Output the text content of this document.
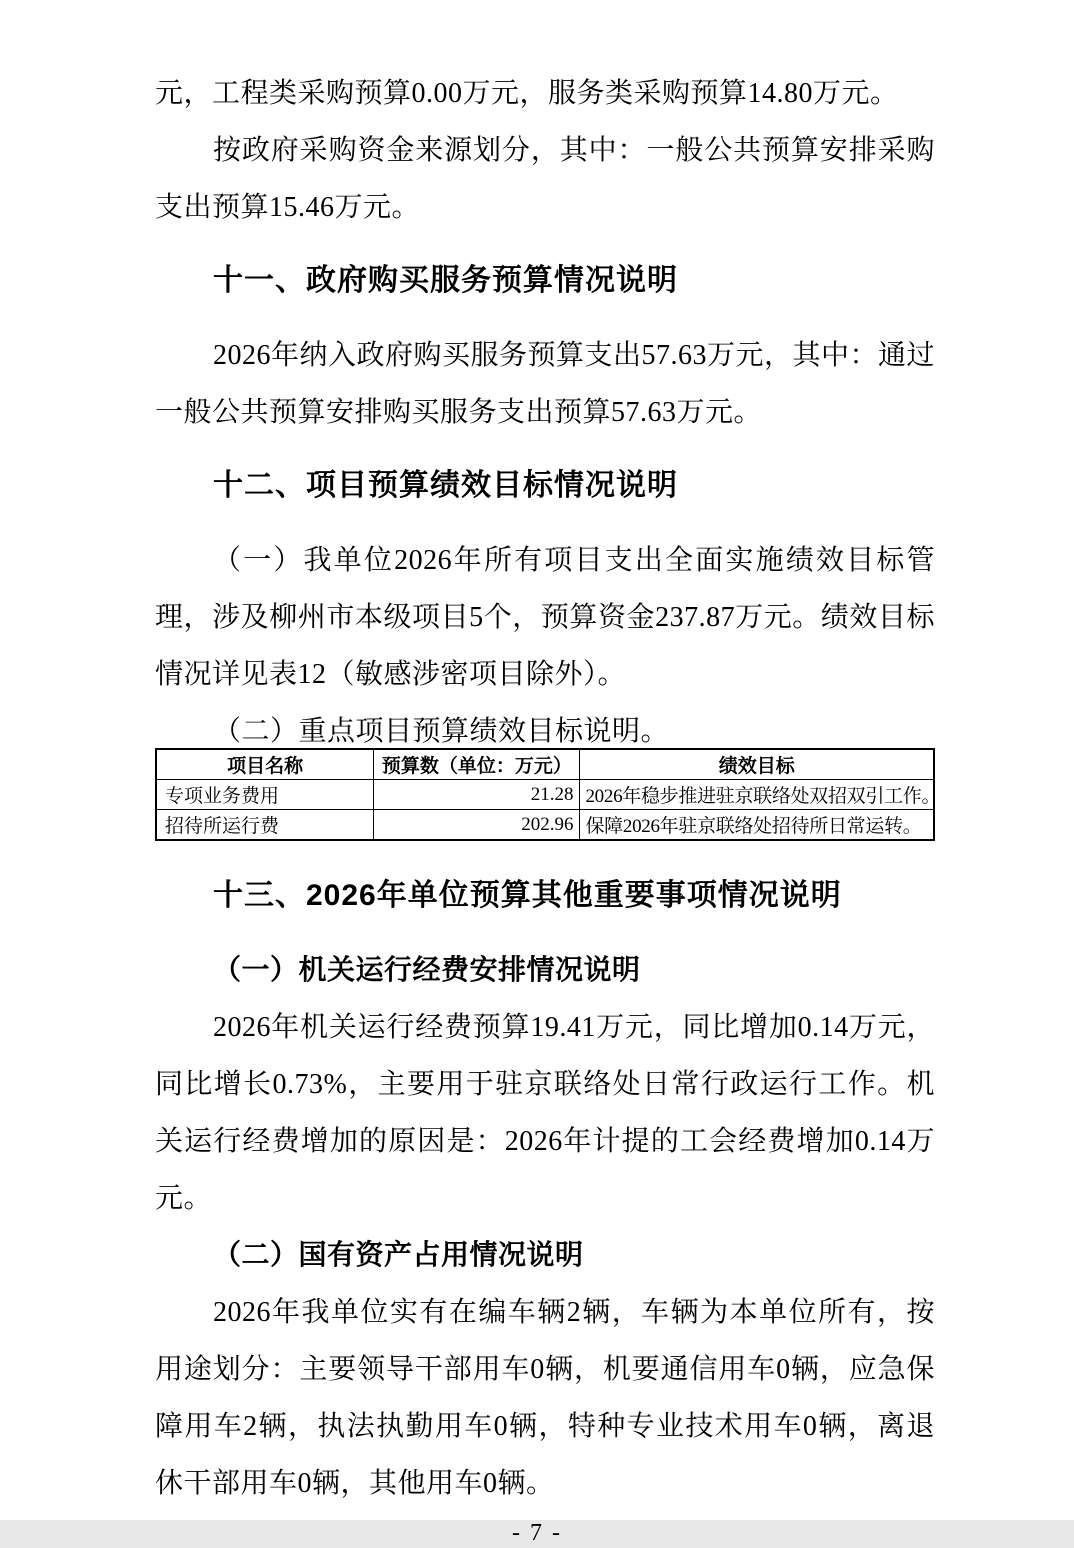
元，工程类采购预算0.00万元，服务类采购预算14.80万元。

按政府采购资金来源划分，其中：一般公共预算安排采购支出预算15.46万元。

十一、政府购买服务预算情况说明

2026年纳入政府购买服务预算支出57.63万元，其中：通过一般公共预算安排购买服务支出预算57.63万元。

十二、项目预算绩效目标情况说明

（一）我单位2026年所有项目支出全面实施绩效目标管理，涉及柳州市本级项目5个，预算资金237.87万元。绩效目标情况详见表12（敏感涉密项目除外）。

（二）重点项目预算绩效目标说明。

项目名称	预算数（单位：万元）	绩效目标
专项业务费用	21.28	2026年稳步推进驻京联络处双招双引工作。
招待所运行费	202.96	保障2026年驻京联络处招待所日常运转。
十三、2026年单位预算其他重要事项情况说明
（一）机关运行经费安排情况说明

2026年机关运行经费预算19.41万元，同比增加0.14万元，同比增长0.73%，主要用于驻京联络处日常行政运行工作。机关运行经费增加的原因是：2026年计提的工会经费增加0.14万元。

（二）国有资产占用情况说明

2026年我单位实有在编车辆2辆，车辆为本单位所有，按用途划分：主要领导干部用车0辆，机要通信用车0辆，应急保障用车2辆，执法执勤用车0辆，特种专业技术用车0辆，离退休干部用车0辆，其他用车0辆。

- 7 -
